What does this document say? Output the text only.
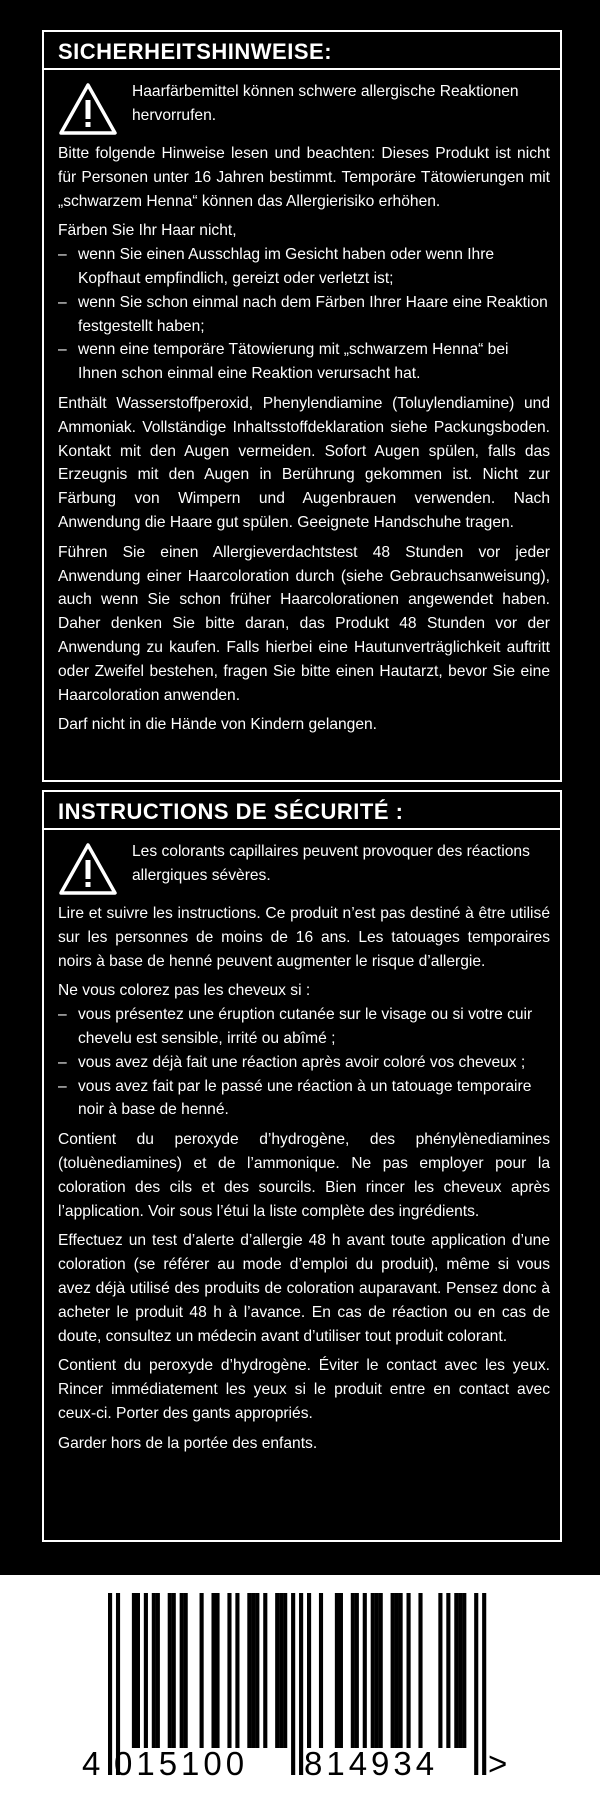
SICHERHEITSHINWEISE:
Haarfärbemittel können schwere allergische Reaktionen hervorrufen.

Bitte folgende Hinweise lesen und beachten: Dieses Produkt ist nicht für Personen unter 16 Jahren bestimmt. Temporäre Tätowierungen mit „schwarzem Henna“ können das Allergierisiko erhöhen.

Färben Sie Ihr Haar nicht,

– wenn Sie einen Ausschlag im Gesicht haben oder wenn Ihre Kopfhaut empfindlich, gereizt oder verletzt ist;
– wenn Sie schon einmal nach dem Färben Ihrer Haare eine Reaktion festgestellt haben;
– wenn eine temporäre Tätowierung mit „schwarzem Henna“ bei Ihnen schon einmal eine Reaktion verursacht hat.

Enthält Wasserstoffperoxid, Phenylendiamine (Toluylendiamine) und Ammoniak. Vollständige Inhaltsstoffdeklaration siehe Packungsboden. Kontakt mit den Augen vermeiden. Sofort Augen spülen, falls das Erzeugnis mit den Augen in Berührung gekommen ist. Nicht zur Färbung von Wimpern und Augenbrauen verwenden. Nach Anwendung die Haare gut spülen. Geeignete Handschuhe tragen.

Führen Sie einen Allergieverdachtstest 48 Stunden vor jeder Anwendung einer Haarcoloration durch (siehe Gebrauchsanweisung), auch wenn Sie schon früher Haarcolorationen angewendet haben. Daher denken Sie bitte daran, das Produkt 48 Stunden vor der Anwendung zu kaufen. Falls hierbei eine Hautunverträglichkeit auftritt oder Zweifel bestehen, fragen Sie bitte einen Hautarzt, bevor Sie eine Haarcoloration anwenden.

Darf nicht in die Hände von Kindern gelangen.

INSTRUCTIONS DE SÉCURITÉ :
Les colorants capillaires peuvent provoquer des réactions allergiques sévères.

Lire et suivre les instructions. Ce produit n’est pas destiné à être utilisé sur les personnes de moins de 16 ans. Les tatouages temporaires noirs à base de henné peuvent augmenter le risque d’allergie.

Ne vous colorez pas les cheveux si :

– vous présentez une éruption cutanée sur le visage ou si votre cuir chevelu est sensible, irrité ou abîmé ;
– vous avez déjà fait une réaction après avoir coloré vos cheveux ;
– vous avez fait par le passé une réaction à un tatouage temporaire noir à base de henné.

Contient du peroxyde d’hydrogène, des phénylènediamines (toluènediamines) et de l’ammonique. Ne pas employer pour la coloration des cils et des sourcils. Bien rincer les cheveux après l’application. Voir sous l’étui la liste complète des ingrédients.

Effectuez un test d’alerte d’allergie 48 h avant toute application d’une coloration (se référer au mode d’emploi du produit), même si vous avez déjà utilisé des produits de coloration auparavant. Pensez donc à acheter le produit 48 h à l’avance. En cas de réaction ou en cas de doute, consultez un médecin avant d’utiliser tout produit colorant.

Contient du peroxyde d’hydrogène. Éviter le contact avec les yeux. Rincer immédiatement les yeux si le produit entre en contact avec ceux-ci. Porter des gants appropriés.

Garder hors de la portée des enfants.

4 015100 814934 >
